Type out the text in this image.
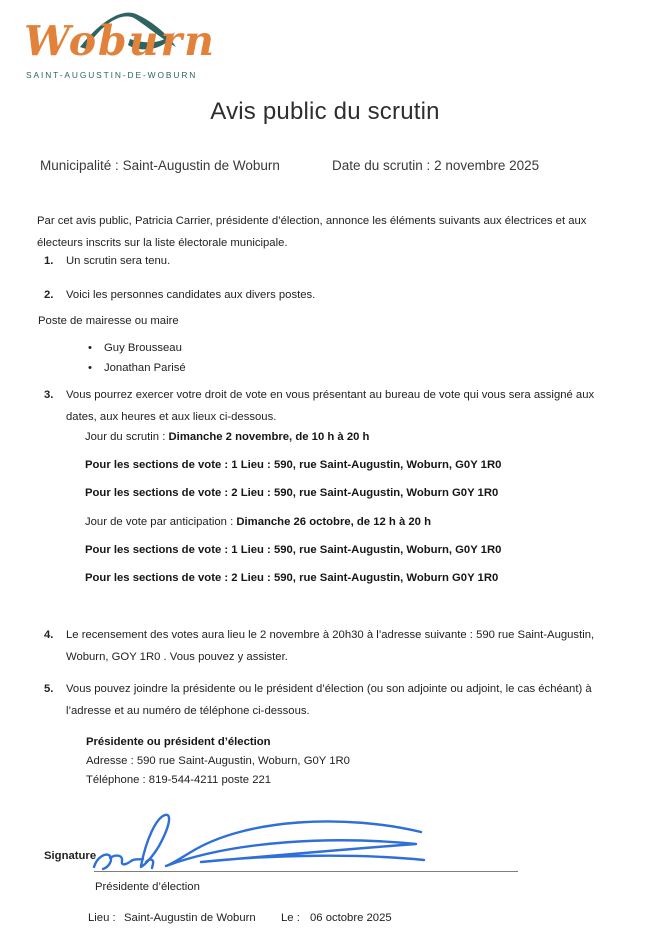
Woburn
SAINT-AUGUSTIN-DE-WOBURN
Avis public du scrutin
Municipalité : Saint-Augustin de Woburn	Date du scrutin : 2 novembre 2025

Par cet avis public, Patricia Carrier, présidente d’élection, annonce les éléments suivants aux électrices et aux électeurs inscrits sur la liste électorale municipale.

1.	Un scrutin sera tenu.
2.	Voici les personnes candidates aux divers postes.
Poste de mairesse ou maire
• Guy Brousseau
• Jonathan Parisé
3.	Vous pourrez exercer votre droit de vote en vous présentant au bureau de vote qui vous sera assigné aux dates, aux heures et aux lieux ci-dessous.
Jour du scrutin : Dimanche 2 novembre, de 10 h à 20 h
Pour les sections de vote : 1 Lieu : 590, rue Saint-Augustin, Woburn, G0Y 1R0
Pour les sections de vote : 2 Lieu : 590, rue Saint-Augustin, Woburn G0Y 1R0
Jour de vote par anticipation : Dimanche 26 octobre, de 12 h à 20 h
Pour les sections de vote : 1 Lieu : 590, rue Saint-Augustin, Woburn, G0Y 1R0
Pour les sections de vote : 2 Lieu : 590, rue Saint-Augustin, Woburn G0Y 1R0
4.	Le recensement des votes aura lieu le 2 novembre à 20h30 à l’adresse suivante : 590 rue Saint-Augustin, Woburn, GOY 1R0 . Vous pouvez y assister.
5.	Vous pouvez joindre la présidente ou le président d’élection (ou son adjointe ou adjoint, le cas échéant) à l’adresse et au numéro de téléphone ci-dessous.
Présidente ou président d’élection
Adresse : 590 rue Saint-Augustin, Woburn, G0Y 1R0
Téléphone : 819-544-4211 poste 221
Signature
Présidente d’élection
Lieu : Saint-Augustin de Woburn Le : 06 octobre 2025
